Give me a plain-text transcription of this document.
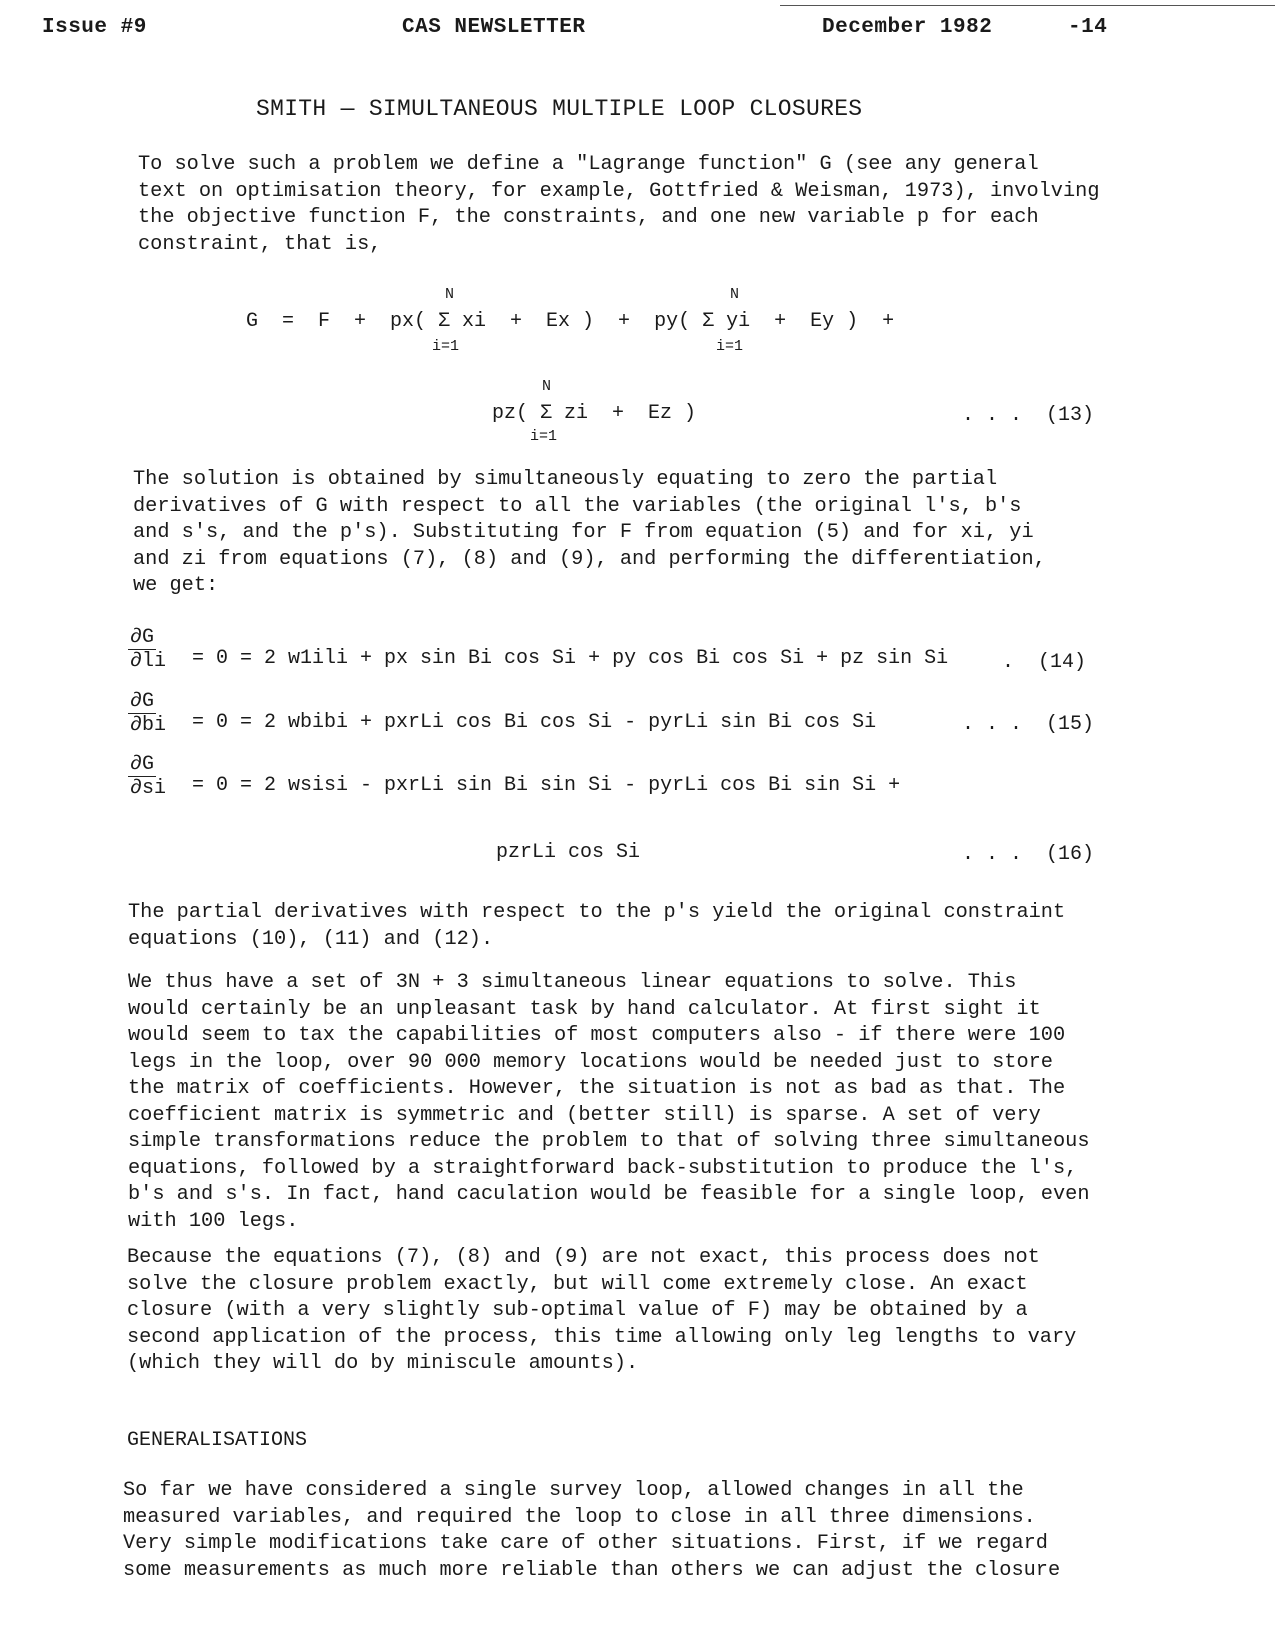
Issue #9	CAS NEWSLETTER	December 1982	-14
SMITH — SIMULTANEOUS MULTIPLE LOOP CLOSURES
To solve such a problem we define a "Lagrange function" G (see any general
text on optimisation theory, for example, Gottfried & Weisman, 1973), involving
the objective function F, the constraints, and one new variable p for each
constraint, that is,
N	N
G  =  F  +  px( Σ xi  +  Ex )  +  py( Σ yi  +  Ey )  +
i=1	i=1
N
pz( Σ zi  +  Ez )
i=1
. . .  (13)
The solution is obtained by simultaneously equating to zero the partial
derivatives of G with respect to all the variables (the original l's, b's
and s's, and the p's). Substituting for F from equation (5) and for xi, yi
and zi from equations (7), (8) and (9), and performing the differentiation,
we get:
$\frac{\partial G}{\partial li} = 0 = 2$ w1ili + px sin Bi cos Si + py cos Bi cos Si + pz sin Si	.  (14)
$\frac{\partial G}{\partial bi} = 0 = 2$ wbibi + pxrLi cos Bi cos Si - pyrLi sin Bi cos Si	. . .  (15)
$\frac{\partial G}{\partial si} = 0 = 2$ wsisi - pxrLi sin Bi sin Si - pyrLi cos Bi sin Si +
pzrLi cos Si	. . .  (16)
The partial derivatives with respect to the p's yield the original constraint
equations (10), (11) and (12).
We thus have a set of 3N + 3 simultaneous linear equations to solve. This
would certainly be an unpleasant task by hand calculator. At first sight it
would seem to tax the capabilities of most computers also - if there were 100
legs in the loop, over 90 000 memory locations would be needed just to store
the matrix of coefficients. However, the situation is not as bad as that. The
coefficient matrix is symmetric and (better still) is sparse. A set of very
simple transformations reduce the problem to that of solving three simultaneous
equations, followed by a straightforward back-substitution to produce the l's,
b's and s's. In fact, hand caculation would be feasible for a single loop, even
with 100 legs.
Because the equations (7), (8) and (9) are not exact, this process does not
solve the closure problem exactly, but will come extremely close. An exact
closure (with a very slightly sub-optimal value of F) may be obtained by a
second application of the process, this time allowing only leg lengths to vary
(which they will do by miniscule amounts).
GENERALISATIONS
So far we have considered a single survey loop, allowed changes in all the
measured variables, and required the loop to close in all three dimensions.
Very simple modifications take care of other situations. First, if we regard
some measurements as much more reliable than others we can adjust the closure
